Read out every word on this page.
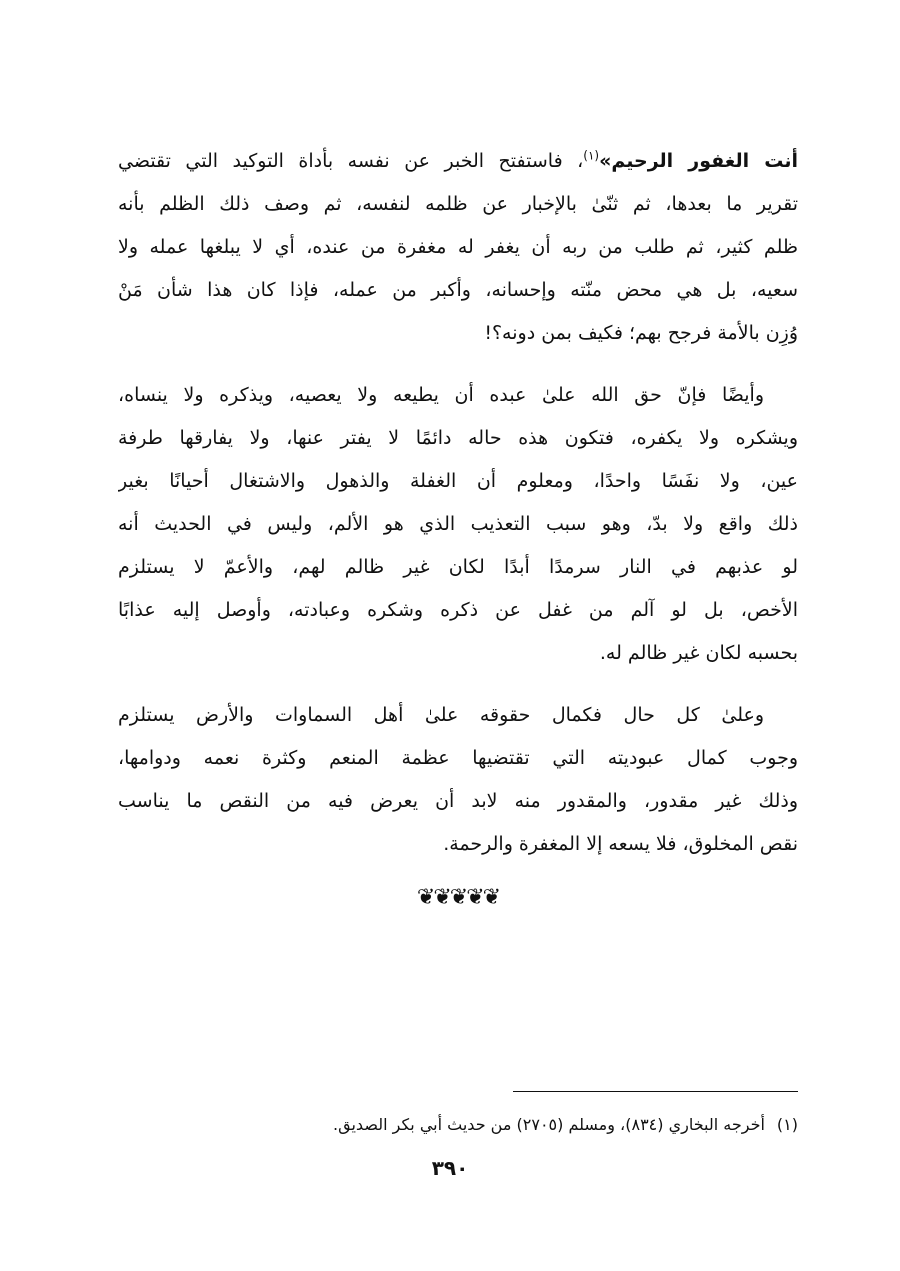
أنت الغفور الرحيم»$^{(١)}$، فاستفتح الخبر عن نفسه بأداة التوكيد التي تقتضي
تقرير ما بعدها، ثم ثنّىٰ بالإخبار عن ظلمه لنفسه، ثم وصف ذلك الظلم بأنه
ظلم كثير، ثم طلب من ربه أن يغفر له مغفرة من عنده، أي لا يبلغها عمله ولا
سعيه، بل هي محض منّته وإحسانه، وأكبر من عمله، فإذا كان هذا شأن مَنْ
وُزِن بالأمة فرجح بهم؛ فكيف بمن دونه؟!
وأيضًا فإنّ حق الله علىٰ عبده أن يطيعه ولا يعصيه، ويذكره ولا ينساه،
ويشكره ولا يكفره، فتكون هذه حاله دائمًا لا يفتر عنها، ولا يفارقها طرفة
عين، ولا نفَسًا واحدًا، ومعلوم أن الغفلة والذهول والاشتغال أحيانًا بغير
ذلك واقع ولا بدّ، وهو سبب التعذيب الذي هو الألم، وليس في الحديث أنه
لو عذبهم في النار سرمدًا أبدًا لكان غير ظالم لهم، والأعمّ لا يستلزم
الأخص، بل لو آلم من غفل عن ذكره وشكره وعبادته، وأوصل إليه عذابًا
بحسبه لكان غير ظالم له.
وعلىٰ كل حال فكمال حقوقه علىٰ أهل السماوات والأرض يستلزم
وجوب كمال عبوديته التي تقتضيها عظمة المنعم وكثرة نعمه ودوامها،
وذلك غير مقدور، والمقدور منه لابد أن يعرض فيه من النقص ما يناسب
نقص المخلوق، فلا يسعه إلا المغفرة والرحمة.
❦❦❦❦❦
(١)أخرجه البخاري (٨٣٤)، ومسلم (٢٧٠٥) من حديث أبي بكر الصديق.
٣٩٠
